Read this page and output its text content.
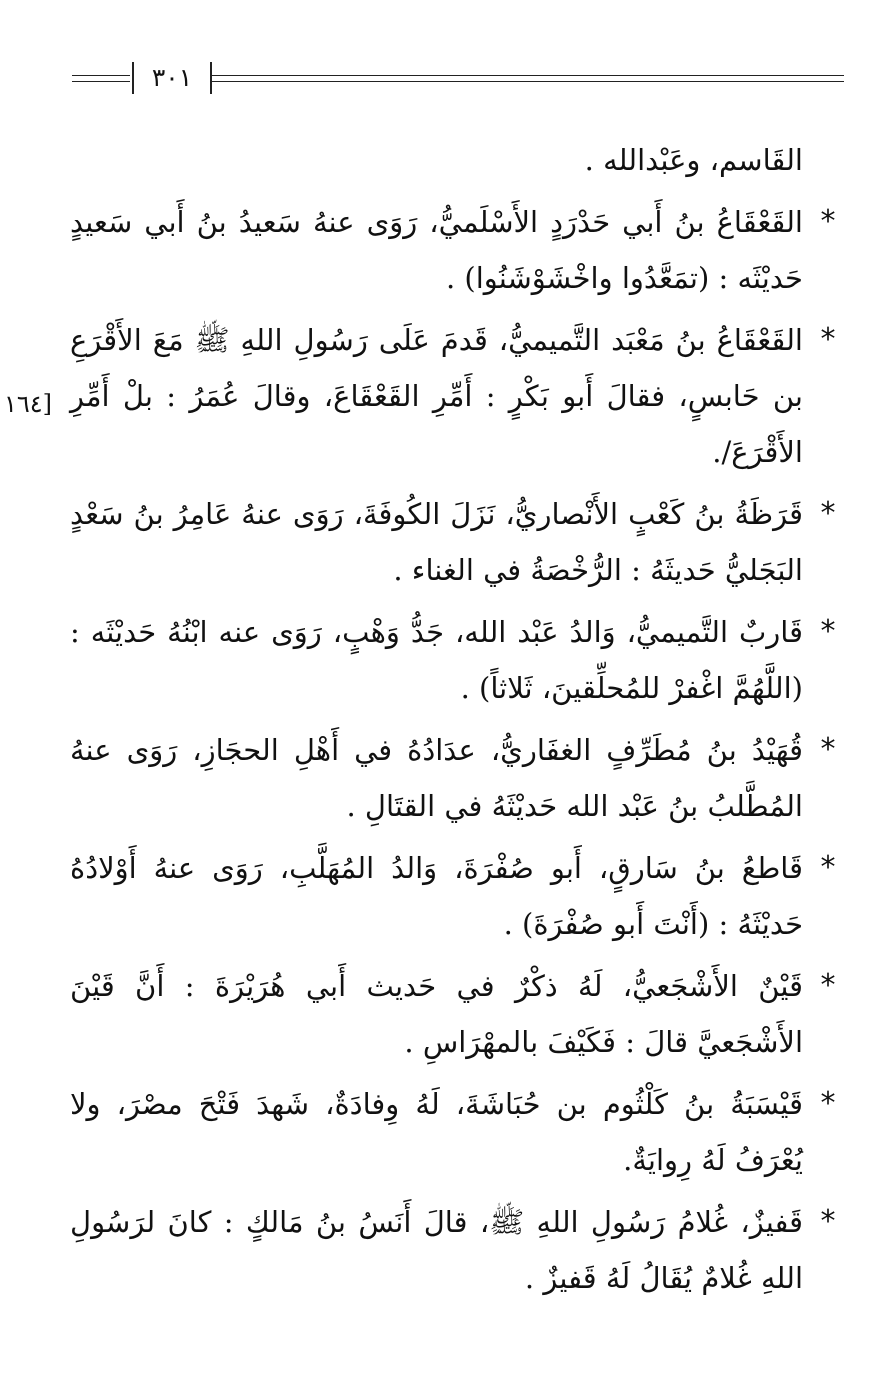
٣٠١
[١٦٤

القَاسم، وعَبْدالله .

*
القَعْقَاعُ بنُ أَبي حَدْرَدٍ الأَسْلَميُّ، رَوَى عنهُ سَعيدُ بنُ أَبي سَعيدٍ حَديْثَه : (تمَعَّدُوا واخْشَوْشَنُوا) .

*
القَعْقَاعُ بنُ مَعْبَد التَّميميُّ، قَدمَ عَلَى رَسُولِ اللهِ ﷺ مَعَ الأَقْرَعِ بن حَابسٍ، فقالَ أَبو بَكْرٍ : أَمِّرِ القَعْقَاعَ، وقالَ عُمَرُ : بلْ أَمِّرِ الأَقْرَعَ/.

*
قَرَظَةُ بنُ كَعْبٍ الأَنْصاريُّ، نَزَلَ الكُوفَةَ، رَوَى عنهُ عَامِرُ بنُ سَعْدٍ البَجَليُّ حَديثَهُ : الرُّخْصَةُ في الغناء .

*
قَاربٌ التَّميميُّ، وَالدُ عَبْد الله، جَدُّ وَهْبٍ، رَوَى عنه ابْنُهُ حَديْثَه : (اللَّهُمَّ اغْفرْ للمُحلِّقينَ، ثَلاثاً) .

*
قُهَيْدُ بنُ مُطَرِّفٍ الغفَاريُّ، عدَادُهُ في أَهْلِ الحجَازِ، رَوَى عنهُ المُطَّلبُ بنُ عَبْد الله حَديْثَهُ في القتَالِ .

*
قَاطعُ بنُ سَارقٍ، أَبو صُفْرَةَ، وَالدُ المُهَلَّبِ، رَوَى عنهُ أَوْلادُهُ حَديْثَهُ : (أَنْتَ أَبو صُفْرَةَ) .

*
قَيْنٌ الأَشْجَعيُّ، لَهُ ذكْرٌ في حَديث أَبي هُرَيْرَةَ : أَنَّ قَيْنَ الأَشْجَعيَّ قالَ : فَكَيْفَ بالمهْرَاسِ .

*
قَيْسَبَةُ بنُ كَلْثُوم بن حُبَاشَةَ، لَهُ وِفادَةٌ، شَهدَ فَتْحَ مصْرَ، ولا يُعْرَفُ لَهُ رِوايَةٌ.

*
قَفيزٌ، غُلامُ رَسُولِ اللهِ ﷺ، قالَ أَنَسُ بنُ مَالكٍ : كانَ لرَسُولِ اللهِ غُلامٌ يُقَالُ لَهُ قَفيزٌ .
